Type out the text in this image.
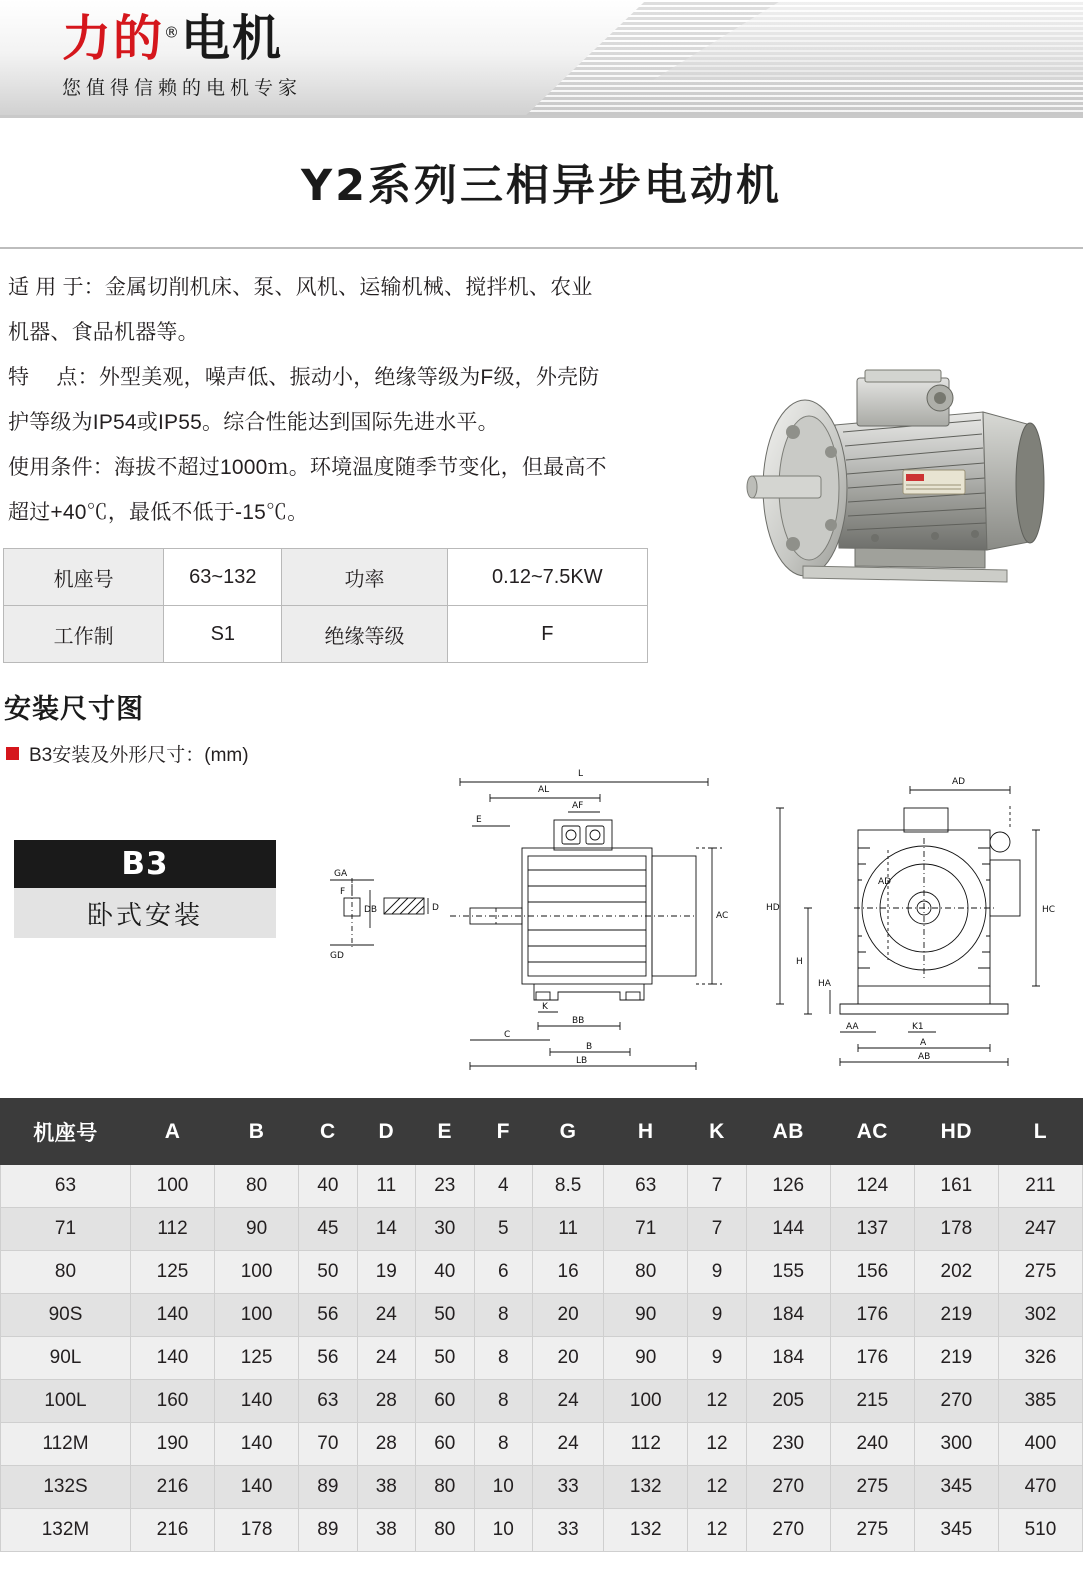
力的®电机
您值得信赖的电机专家
Y2系列三相异步电动机

适 用 于：金属切削机床、泵、风机、运输机械、搅拌机、农业

机器、食品机器等。

特　 点：外型美观，噪声低、振动小，绝缘等级为F级，外壳防

护等级为IP54或IP55。综合性能达到国际先进水平。

使用条件：海拔不超过1000ｍ。环境温度随季节变化，但最高不

超过+40℃，最低不低于-15℃。

机座号	63~132	功率	0.12~7.5KW
工作制	S1	绝缘等级	F
安装尺寸图
B3安装及外形尺寸：(mm)
B3
卧式安装
GA
F
GD
DB	D
L
AL
AF
E
AC
K
BB
C
B
LB
AD
HD
H
HA
HC
AA	K1
A
AB
AD
机座号	A	B	C	D	E	F	G	H	K	AB	AC	HD	L
63	100	80	40	11	23	4	8.5	63	7	126	124	161	211
71	112	90	45	14	30	5	11	71	7	144	137	178	247
80	125	100	50	19	40	6	16	80	9	155	156	202	275
90S	140	100	56	24	50	8	20	90	9	184	176	219	302
90L	140	125	56	24	50	8	20	90	9	184	176	219	326
100L	160	140	63	28	60	8	24	100	12	205	215	270	385
112M	190	140	70	28	60	8	24	112	12	230	240	300	400
132S	216	140	89	38	80	10	33	132	12	270	275	345	470
132M	216	178	89	38	80	10	33	132	12	270	275	345	510
